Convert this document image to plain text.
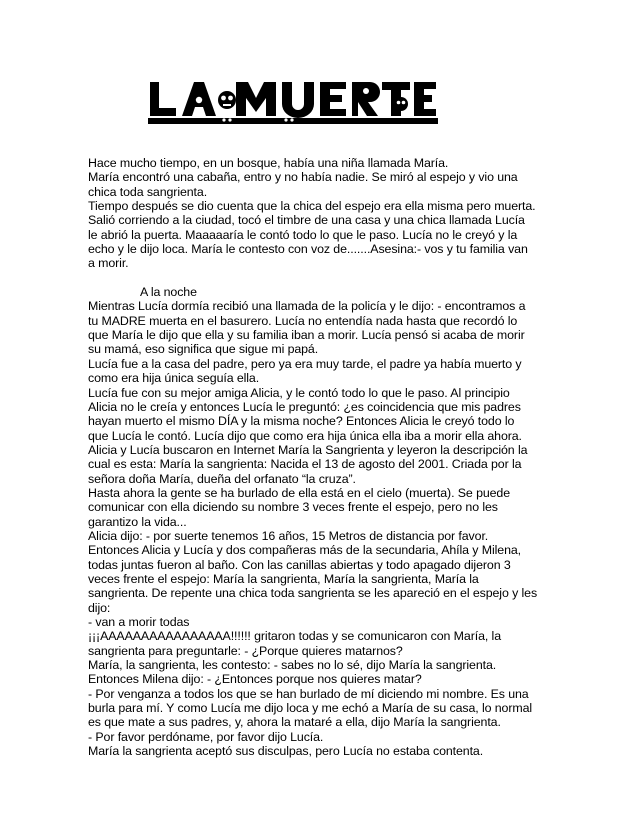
Hace mucho tiempo, en un bosque, había una niña llamada María.
María encontró una cabaña, entro y no había nadie. Se miró al espejo y vio una
chica toda sangrienta.
Tiempo después se dio cuenta que la chica del espejo era ella misma pero muerta.
Salió corriendo a la ciudad, tocó el timbre de una casa y una chica llamada Lucía
le abrió la puerta. Maaaaaría le contó todo lo que le paso. Lucía no le creyó y la
echo y le dijo loca. María le contesto con voz de.......Asesina:- vos y tu familia van
a morir.

A la noche
Mientras Lucía dormía recibió una llamada de la policía y le dijo: - encontramos a
tu MADRE muerta en el basurero. Lucía no entendía nada hasta que recordó lo
que María le dijo que ella y su familia iban a morir. Lucía pensó si acaba de morir
su mamá, eso significa que sigue mi papá.
Lucía fue a la casa del padre, pero ya era muy tarde, el padre ya había muerto y
como era hija única seguía ella.
Lucía fue con su mejor amiga Alicia, y le contó todo lo que le paso. Al principio
Alicia no le creía y entonces Lucía le preguntó: ¿es coincidencia que mis padres
hayan muerto el mismo DÍA y la misma noche? Entonces Alicia le creyó todo lo
que Lucía le contó. Lucía dijo que como era hija única ella iba a morir ella ahora.
Alicia y Lucía buscaron en Internet María la Sangrienta y leyeron la descripción la
cual es esta: María la sangrienta: Nacida el 13 de agosto del 2001. Criada por la
señora doña María, dueña del orfanato “la cruza”.
Hasta ahora la gente se ha burlado de ella está en el cielo (muerta). Se puede
comunicar con ella diciendo su nombre 3 veces frente el espejo, pero no les
garantizo la vida...
Alicia dijo: - por suerte tenemos 16 años, 15 Metros de distancia por favor.
Entonces Alicia y Lucía y dos compañeras más de la secundaria, Ahíla y Milena,
todas juntas fueron al baño. Con las canillas abiertas y todo apagado dijeron 3
veces frente el espejo: María la sangrienta, María la sangrienta, María la
sangrienta. De repente una chica toda sangrienta se les apareció en el espejo y les
dijo:
- van a morir todas
¡¡¡AAAAAAAAAAAAAAAA!!!!!! gritaron todas y se comunicaron con María, la
sangrienta para preguntarle: - ¿Porque quieres matarnos?
María, la sangrienta, les contesto: - sabes no lo sé, dijo María la sangrienta.
Entonces Milena dijo: - ¿Entonces porque nos quieres matar?
- Por venganza a todos los que se han burlado de mí diciendo mi nombre. Es una
burla para mí. Y como Lucía me dijo loca y me echó a María de su casa, lo normal
es que mate a sus padres, y, ahora la mataré a ella, dijo María la sangrienta.
- Por favor perdóname, por favor dijo Lucía.
María la sangrienta aceptó sus disculpas, pero Lucía no estaba contenta.
